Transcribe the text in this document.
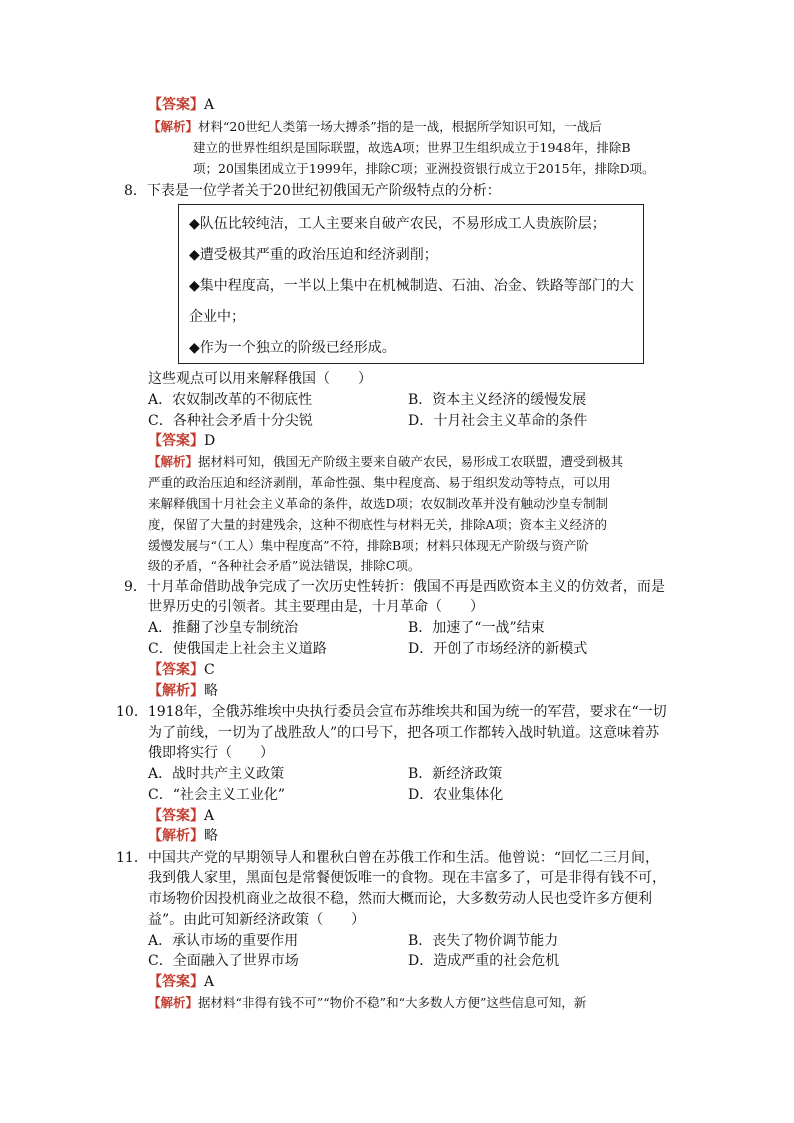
【答案】A
【解析】材料“20世纪人类第一场大搏杀”指的是一战，根据所学知识可知，一战后
建立的世界性组织是国际联盟，故选A项；世界卫生组织成立于1948年，排除B
项；20国集团成立于1999年，排除C项；亚洲投资银行成立于2015年，排除D项。
8．下表是一位学者关于20世纪初俄国无产阶级特点的分析：
◆队伍比较纯洁，工人主要来自破产农民，不易形成工人贵族阶层；
◆遭受极其严重的政治压迫和经济剥削；
◆集中程度高，一半以上集中在机械制造、石油、冶金、铁路等部门的大
企业中；
◆作为一个独立的阶级已经形成。
这些观点可以用来解释俄国（　　）
A．农奴制改革的不彻底性	B．资本主义经济的缓慢发展
C．各种社会矛盾十分尖锐	D．十月社会主义革命的条件
【答案】D
【解析】据材料可知，俄国无产阶级主要来自破产农民，易形成工农联盟，遭受到极其
严重的政治压迫和经济剥削，革命性强、集中程度高、易于组织发动等特点，可以用
来解释俄国十月社会主义革命的条件，故选D项；农奴制改革并没有触动沙皇专制制
度，保留了大量的封建残余，这种不彻底性与材料无关，排除A项；资本主义经济的
缓慢发展与“（工人）集中程度高”不符，排除B项；材料只体现无产阶级与资产阶
级的矛盾，“各种社会矛盾”说法错误，排除C项。
9．十月革命借助战争完成了一次历史性转折：俄国不再是西欧资本主义的仿效者，而是
世界历史的引领者。其主要理由是，十月革命（　　）
A．推翻了沙皇专制统治	B．加速了“一战”结束
C．使俄国走上社会主义道路	D．开创了市场经济的新模式
【答案】C
【解析】略
10．1918年，全俄苏维埃中央执行委员会宣布苏维埃共和国为统一的军营，要求在“一切
为了前线，一切为了战胜敌人”的口号下，把各项工作都转入战时轨道。这意味着苏
俄即将实行（　　）
A．战时共产主义政策	B．新经济政策
C．“社会主义工业化”	D．农业集体化
【答案】A
【解析】略
11．中国共产党的早期领导人和瞿秋白曾在苏俄工作和生活。他曾说：“回忆二三月间，
我到俄人家里，黑面包是常餐便饭唯一的食物。现在丰富多了，可是非得有钱不可，
市场物价因投机商业之故很不稳，然而大概而论，大多数劳动人民也受许多方便利
益”。由此可知新经济政策（　　）
A．承认市场的重要作用	B．丧失了物价调节能力
C．全面融入了世界市场	D．造成严重的社会危机
【答案】A
【解析】据材料“非得有钱不可”“物价不稳”和“大多数人方便”这些信息可知，新
